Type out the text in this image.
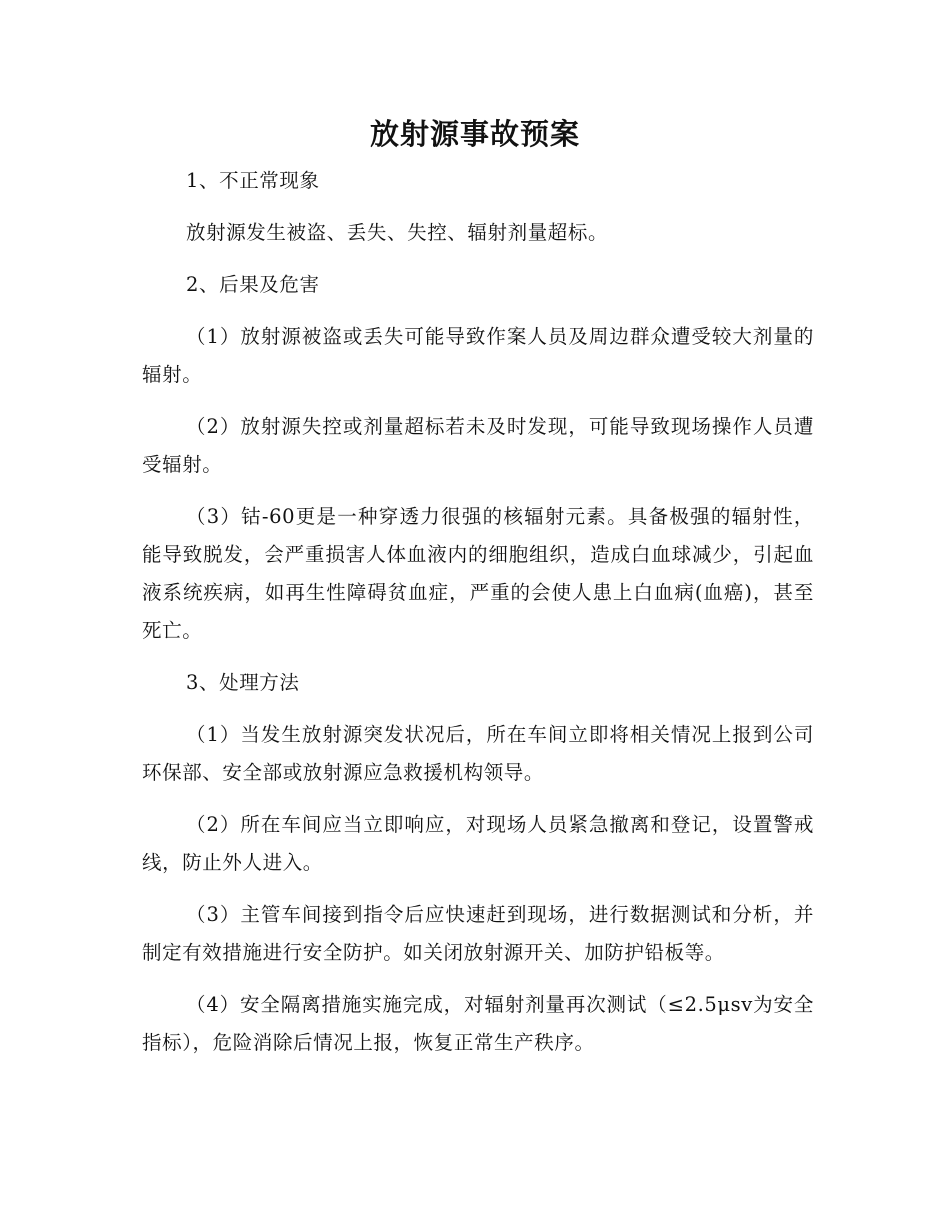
放射源事故预案

1、不正常现象

放射源发生被盗、丢失、失控、辐射剂量超标。

2、后果及危害

（1）放射源被盗或丢失可能导致作案人员及周边群众遭受较大剂量的辐射。

（2）放射源失控或剂量超标若未及时发现，可能导致现场操作人员遭受辐射。

（3）钴-60更是一种穿透力很强的核辐射元素。具备极强的辐射性，能导致脱发，会严重损害人体血液内的细胞组织，造成白血球减少，引起血液系统疾病，如再生性障碍贫血症，严重的会使人患上白血病(血癌)，甚至死亡。

3、处理方法

（1）当发生放射源突发状况后，所在车间立即将相关情况上报到公司环保部、安全部或放射源应急救援机构领导。

（2）所在车间应当立即响应，对现场人员紧急撤离和登记，设置警戒线，防止外人进入。

（3）主管车间接到指令后应快速赶到现场，进行数据测试和分析，并制定有效措施进行安全防护。如关闭放射源开关、加防护铅板等。

（4）安全隔离措施实施完成，对辐射剂量再次测试（≤2.5μsv为安全指标），危险消除后情况上报，恢复正常生产秩序。
